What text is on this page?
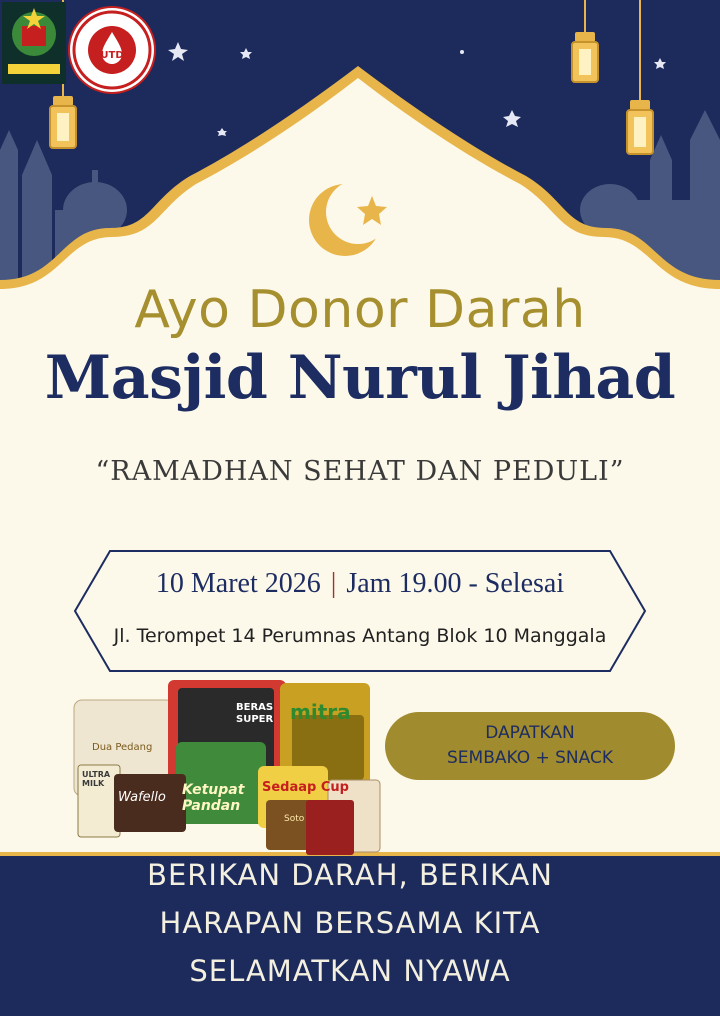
UTD
Ayo Donor Darah
Masjid Nurul Jihad
“RAMADHAN SEHAT DAN PEDULI”
10 Maret 2026 | Jam 19.00 - Selesai
Jl. Terompet 14 Perumnas Antang Blok 10 Manggala
Dua Pedang
BERAS SUPER mitra
ULTRA MILK
Wafello Ketupat Pandan
Sedaap Cup
Soto
DAPATKAN
SEMBAKO + SNACK
BERIKAN DARAH, BERIKAN
HARAPAN BERSAMA KITA
SELAMATKAN NYAWA
